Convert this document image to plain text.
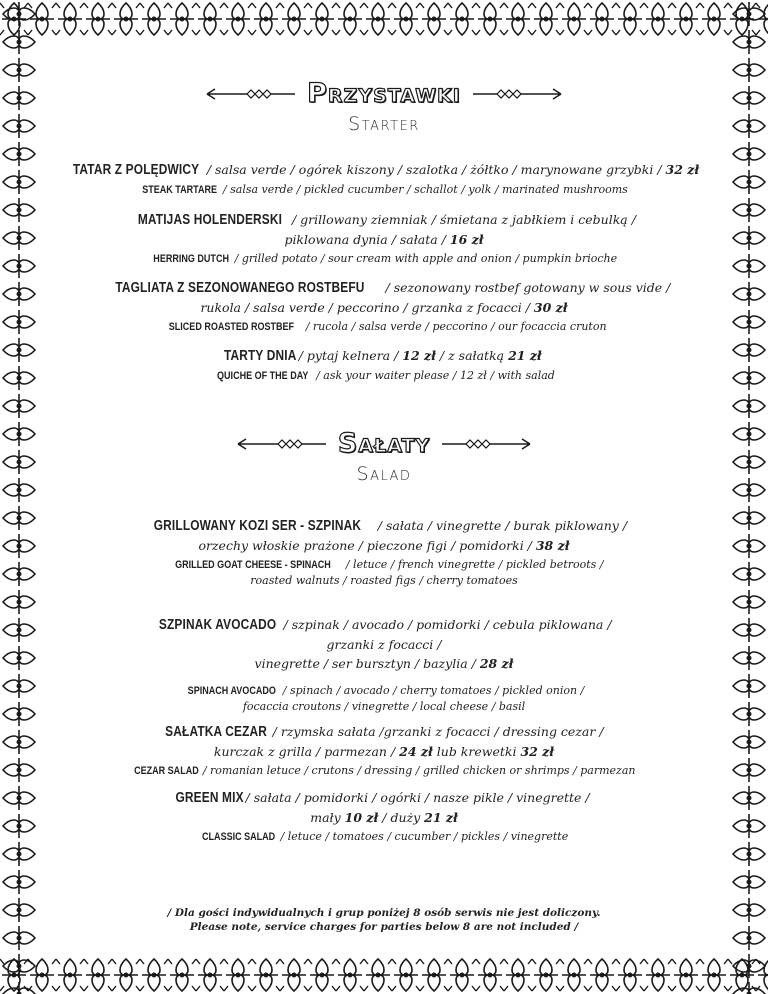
Przystawki
Starter
TATAR Z POLĘDWICY / salsa verde / ogórek kiszony / szalotka / żółtko / marynowane grzybki / 32 zł
STEAK TARTARE / salsa verde / pickled cucumber / schallot / yolk / marinated mushrooms
MATIJAS HOLENDERSKI / grillowany ziemniak / śmietana z jabłkiem i cebulką /
piklowana dynia / sałata / 16 zł
HERRING DUTCH / grilled potato / sour cream with apple and onion / pumpkin brioche
TAGLIATA Z SEZONOWANEGO ROSTBEFU / sezonowany rostbef gotowany w sous vide /
rukola / salsa verde / peccorino / grzanka z focacci / 30 zł
SLICED ROASTED ROSTBEF / rucola / salsa verde / peccorino / our focaccia cruton
TARTY DNIA / pytaj kelnera / 12 zł / z sałatką 21 zł
QUICHE OF THE DAY / ask your waiter please / 12 zł / with salad
Sałaty
Salad
GRILLOWANY KOZI SER - SZPINAK / sałata / vinegrette / burak piklowany /
orzechy włoskie prażone / pieczone figi / pomidorki / 38 zł
GRILLED GOAT CHEESE - SPINACH / letuce / french vinegrette / pickled betroots /
roasted walnuts / roasted figs / cherry tomatoes
SZPINAK AVOCADO / szpinak / avocado / pomidorki / cebula piklowana /
grzanki z focacci /
vinegrette / ser bursztyn / bazylia / 28 zł
SPINACH AVOCADO / spinach / avocado / cherry tomatoes / pickled onion /
focaccia croutons / vinegrette / local cheese / basil
SAŁATKA CEZAR / rzymska sałata /grzanki z focacci / dressing cezar /
kurczak z grilla / parmezan / 24 zł lub krewetki 32 zł
CEZAR SALAD / romanian letuce / crutons / dressing / grilled chicken or shrimps / parmezan
GREEN MIX / sałata / pomidorki / ogórki / nasze pikle / vinegrette /
mały 10 zł / duży 21 zł
CLASSIC SALAD / letuce / tomatoes / cucumber / pickles / vinegrette
/ Dla gości indywidualnych i grup poniżej 8 osób serwis nie jest doliczony.
Please note, service charges for parties below 8 are not included /
